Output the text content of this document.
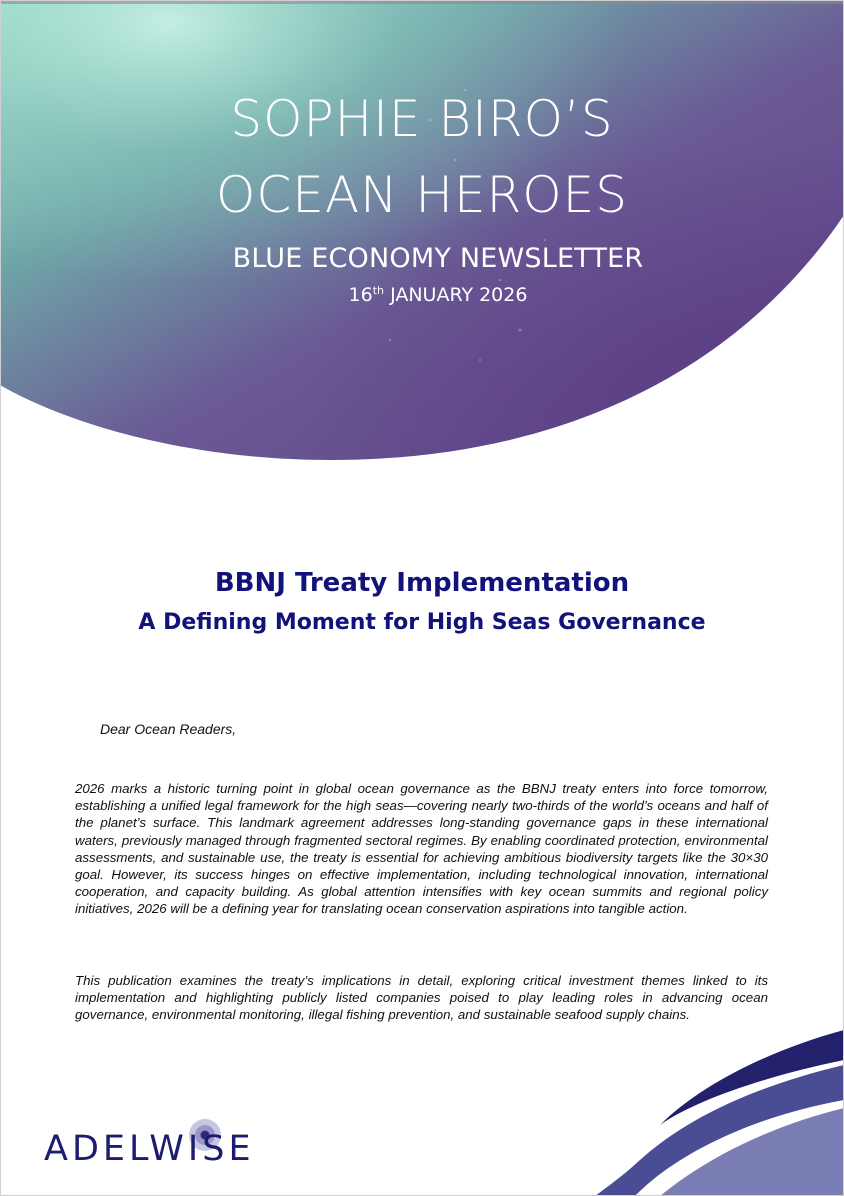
SOPHIE BIRO’S
OCEAN HEROES
BLUE ECONOMY NEWSLETTER
16th JANUARY 2026
BBNJ Treaty Implementation
A Defining Moment for High Seas Governance
Dear Ocean Readers,

2026 marks a historic turning point in global ocean governance as the BBNJ treaty enters into force tomorrow, establishing a unified legal framework for the high seas—covering nearly two-thirds of the world’s oceans and half of the planet’s surface. This landmark agreement addresses long-standing governance gaps in these international waters, previously managed through fragmented sectoral regimes. By enabling coordinated protection, environmental assessments, and sustainable use, the treaty is essential for achieving ambitious biodiversity targets like the 30×30 goal. However, its success hinges on effective implementation, including technological innovation, international cooperation, and capacity building. As global attention intensifies with key ocean summits and regional policy initiatives, 2026 will be a defining year for translating ocean conservation aspirations into tangible action.

This publication examines the treaty’s implications in detail, exploring critical investment themes linked to its implementation and highlighting publicly listed companies poised to play leading roles in advancing ocean governance, environmental monitoring, illegal fishing prevention, and sustainable seafood supply chains.

ADELWISE
